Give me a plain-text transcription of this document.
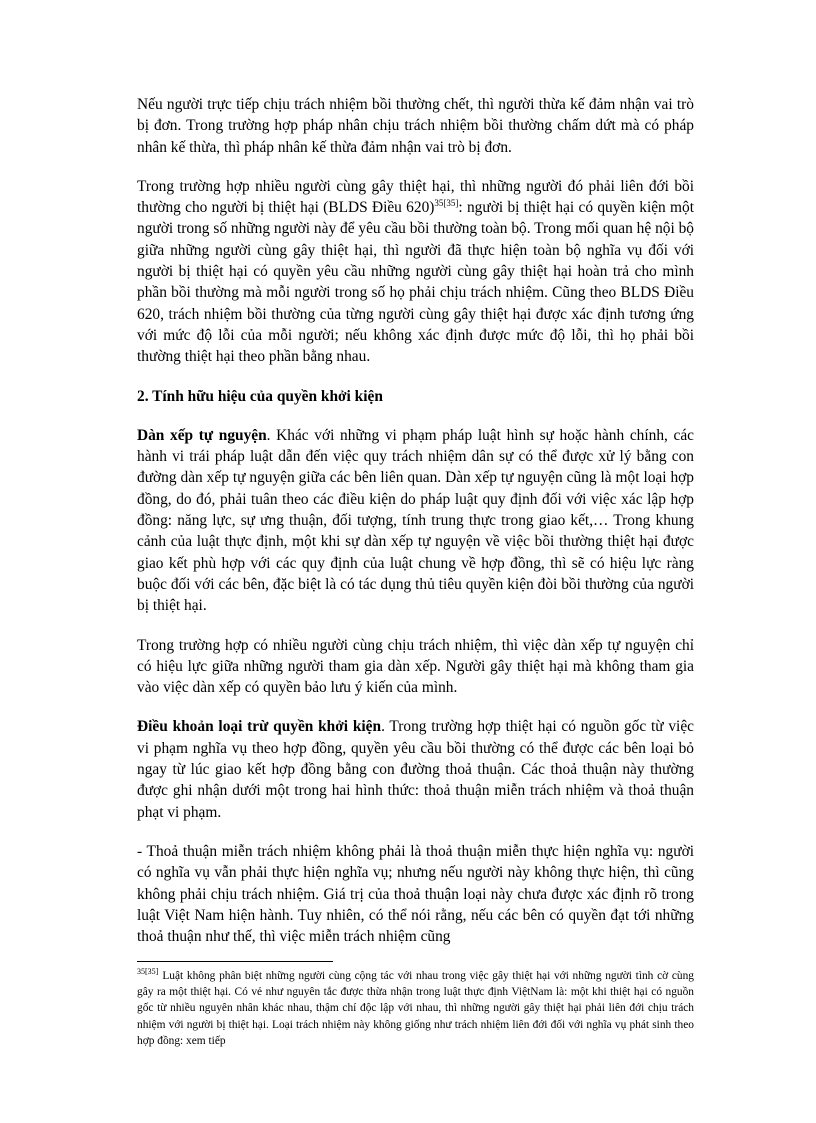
Nếu người trực tiếp chịu trách nhiệm bồi thường chết, thì người thừa kế đảm nhận vai trò bị đơn. Trong trường hợp pháp nhân chịu trách nhiệm bồi thường chấm dứt mà có pháp nhân kế thừa, thì pháp nhân kế thừa đảm nhận vai trò bị đơn.

Trong trường hợp nhiều người cùng gây thiệt hại, thì những người đó phải liên đới bồi thường cho người bị thiệt hại (BLDS Điều 620)$^{35[35]}$: người bị thiệt hại có quyền kiện một người trong số những người này để yêu cầu bồi thường toàn bộ. Trong mối quan hệ nội bộ giữa những người cùng gây thiệt hại, thì người đã thực hiện toàn bộ nghĩa vụ đối với người bị thiệt hại có quyền yêu cầu những người cùng gây thiệt hại hoàn trả cho mình phần bồi thường mà mỗi người trong số họ phải chịu trách nhiệm. Cũng theo BLDS Điều 620, trách nhiệm bồi thường của từng người cùng gây thiệt hại được xác định tương ứng với mức độ lỗi của mỗi người; nếu không xác định được mức độ lỗi, thì họ phải bồi thường thiệt hại theo phần bằng nhau.

2. Tính hữu hiệu của quyền khởi kiện

Dàn xếp tự nguyện. Khác với những vi phạm pháp luật hình sự hoặc hành chính, các hành vi trái pháp luật dẫn đến việc quy trách nhiệm dân sự có thể được xử lý bằng con đường dàn xếp tự nguyện giữa các bên liên quan. Dàn xếp tự nguyện cũng là một loại hợp đồng, do đó, phải tuân theo các điều kiện do pháp luật quy định đối với việc xác lập hợp đồng: năng lực, sự ưng thuận, đối tượng, tính trung thực trong giao kết,… Trong khung cảnh của luật thực định, một khi sự dàn xếp tự nguyện về việc bồi thường thiệt hại được giao kết phù hợp với các quy định của luật chung về hợp đồng, thì sẽ có hiệu lực ràng buộc đối với các bên, đặc biệt là có tác dụng thủ tiêu quyền kiện đòi bồi thường của người bị thiệt hại.

Trong trường hợp có nhiều người cùng chịu trách nhiệm, thì việc dàn xếp tự nguyện chỉ có hiệu lực giữa những người tham gia dàn xếp. Người gây thiệt hại mà không tham gia vào việc dàn xếp có quyền bảo lưu ý kiến của mình.

Điều khoản loại trừ quyền khởi kiện. Trong trường hợp thiệt hại có nguồn gốc từ việc vi phạm nghĩa vụ theo hợp đồng, quyền yêu cầu bồi thường có thể được các bên loại bỏ ngay từ lúc giao kết hợp đồng bằng con đường thoả thuận. Các thoả thuận này thường được ghi nhận dưới một trong hai hình thức: thoả thuận miễn trách nhiệm và thoả thuận phạt vi phạm.

- Thoả thuận miễn trách nhiệm không phải là thoả thuận miễn thực hiện nghĩa vụ: người có nghĩa vụ vẫn phải thực hiện nghĩa vụ; nhưng nếu người này không thực hiện, thì cũng không phải chịu trách nhiệm. Giá trị của thoả thuận loại này chưa được xác định rõ trong luật Việt Nam hiện hành. Tuy nhiên, có thể nói rằng, nếu các bên có quyền đạt tới những thoả thuận như thế, thì việc miễn trách nhiệm cũng

$^{35[35]}$ Luật không phân biệt những người cùng cộng tác với nhau trong việc gây thiệt hại với những người tình cờ cùng gây ra một thiệt hại. Có vẻ như nguyên tắc được thừa nhận trong luật thực định ViệtNam là: một khi thiệt hại có nguồn gốc từ nhiều nguyên nhân khác nhau, thậm chí độc lập với nhau, thì những người gây thiệt hại phải liên đới chịu trách nhiệm với người bị thiệt hại. Loại trách nhiệm này không giống như trách nhiệm liên đới đối với nghĩa vụ phát sinh theo hợp đồng: xem tiếp
